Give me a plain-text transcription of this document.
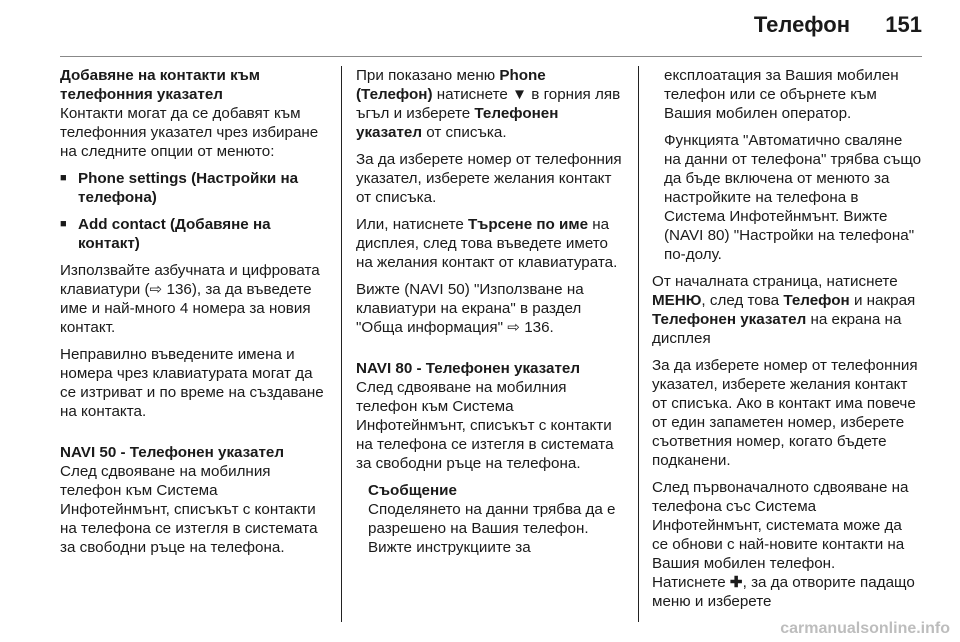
Телефон 151

Добавяне на контакти към телефонния указател

Контакти могат да се добавят към телефонния указател чрез избиране на следните опции от менюто:

■ Phone settings (Настройки на телефона)
■ Add contact (Добавяне на контакт)

Използвайте азбучната и цифровата клавиатури (⇨ 136), за да въведете име и най-много 4 номера за новия контакт.

Неправилно въведените имена и номера чрез клавиатурата могат да се изтриват и по време на създаване на контакта.

NAVI 50 - Телефонен указател

След сдвояване на мобилния телефон към Система Инфотейнмънт, списъкът с контакти на телефона се изтегля в системата за свободни ръце на телефона.

При показано меню Phone (Телефон) натиснете ▼ в горния ляв ъгъл и изберете Телефонен указател от списъка.

За да изберете номер от телефонния указател, изберете желания контакт от списъка.

Или, натиснете Търсене по име на дисплея, след това въведете името на желания контакт от клавиатурата.

Вижте (NAVI 50) "Използване на клавиатури на екрана" в раздел "Обща информация" ⇨ 136.

NAVI 80 - Телефонен указател

След сдвояване на мобилния телефон към Система Инфотейнмънт, списъкът с контакти на телефона се изтегля в системата за свободни ръце на телефона.

Съобщение

Споделянето на данни трябва да е разрешено на Вашия телефон. Вижте инструкциите за

експлоатация за Вашия мобилен телефон или се обърнете към Вашия мобилен оператор.

Функцията "Автоматично сваляне на данни от телефона" трябва също да бъде включена от менюто за настройките на телефона в Система Инфотейнмънт. Вижте (NAVI 80) "Настройки на телефона" по-долу.

От началната страница, натиснете МЕНЮ, след това Телефон и накрая Телефонен указател на екрана на дисплея

За да изберете номер от телефонния указател, изберете желания контакт от списъка. Ако в контакт има повече от един запаметен номер, изберете съответния номер, когато бъдете подканени.

След първоначалното сдвояване на телефона със Система Инфотейнмънт, системата може да се обнови с най-новите контакти на Вашия мобилен телефон.
Натиснете ✚, за да отворите падащо меню и изберете

carmanualsonline.info
